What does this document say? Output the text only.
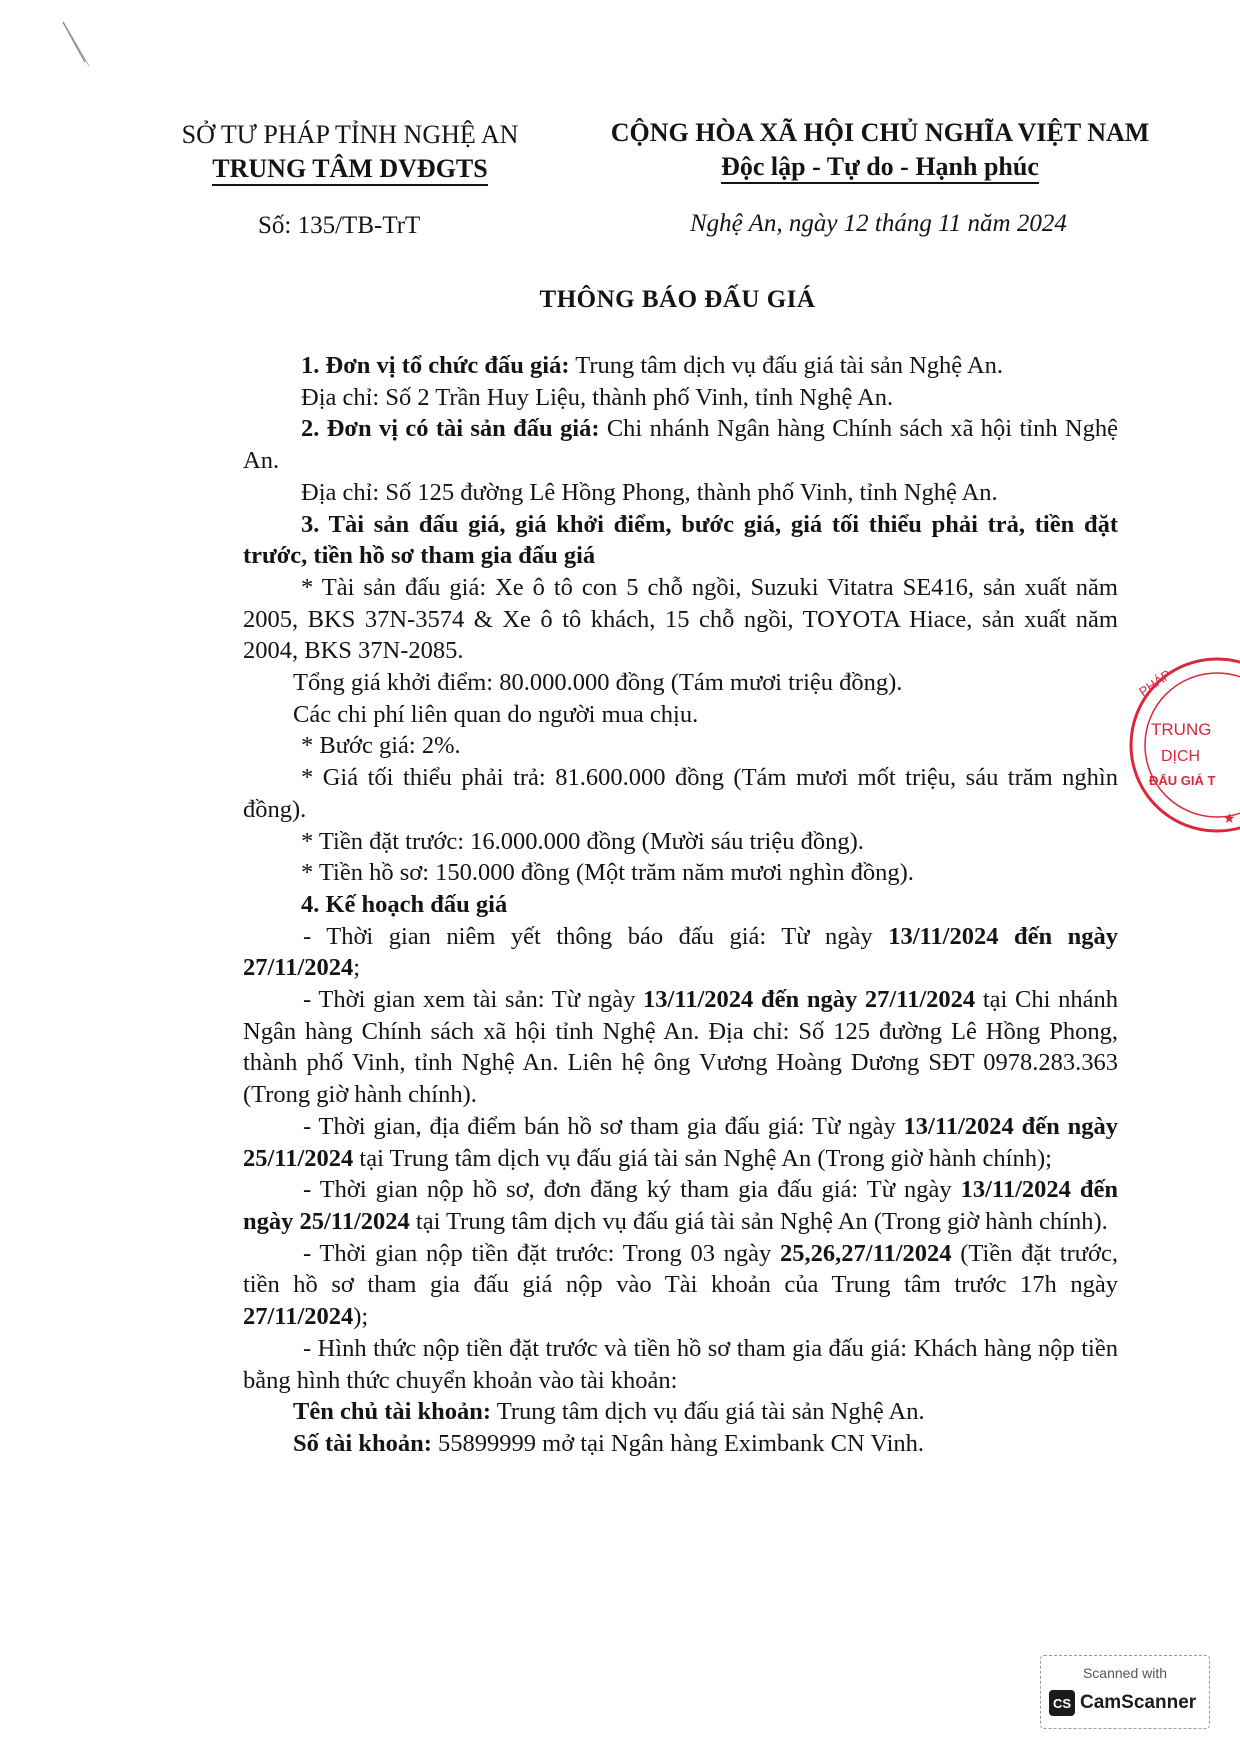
SỞ TƯ PHÁP TỈNH NGHỆ AN
TRUNG TÂM DVĐGTS
CỘNG HÒA XÃ HỘI CHỦ NGHĨA VIỆT NAM
Độc lập - Tự do - Hạnh phúc
Số: 135/TB-TrT	Nghệ An, ngày 12 tháng 11 năm 2024
THÔNG BÁO ĐẤU GIÁ

1. Đơn vị tổ chức đấu giá: Trung tâm dịch vụ đấu giá tài sản Nghệ An.

Địa chỉ: Số 2 Trần Huy Liệu, thành phố Vinh, tỉnh Nghệ An.

2. Đơn vị có tài sản đấu giá: Chi nhánh Ngân hàng Chính sách xã hội tỉnh Nghệ An.

Địa chỉ: Số 125 đường Lê Hồng Phong, thành phố Vinh, tỉnh Nghệ An.

3. Tài sản đấu giá, giá khởi điểm, bước giá, giá tối thiểu phải trả, tiền đặt trước, tiền hồ sơ tham gia đấu giá

* Tài sản đấu giá: Xe ô tô con 5 chỗ ngồi, Suzuki Vitatra SE416, sản xuất năm 2005, BKS 37N-3574 & Xe ô tô khách, 15 chỗ ngồi, TOYOTA Hiace, sản xuất năm 2004, BKS 37N-2085.

Tổng giá khởi điểm: 80.000.000 đồng (Tám mươi triệu đồng).

Các chi phí liên quan do người mua chịu.

* Bước giá: 2%.

* Giá tối thiểu phải trả: 81.600.000 đồng (Tám mươi mốt triệu, sáu trăm nghìn đồng).

* Tiền đặt trước: 16.000.000 đồng (Mười sáu triệu đồng).

* Tiền hồ sơ: 150.000 đồng (Một trăm năm mươi nghìn đồng).

4. Kế hoạch đấu giá

- Thời gian niêm yết thông báo đấu giá: Từ ngày 13/11/2024 đến ngày 27/11/2024;

- Thời gian xem tài sản: Từ ngày 13/11/2024 đến ngày 27/11/2024 tại Chi nhánh Ngân hàng Chính sách xã hội tỉnh Nghệ An. Địa chỉ: Số 125 đường Lê Hồng Phong, thành phố Vinh, tỉnh Nghệ An. Liên hệ ông Vương Hoàng Dương SĐT 0978.283.363 (Trong giờ hành chính).

- Thời gian, địa điểm bán hồ sơ tham gia đấu giá: Từ ngày 13/11/2024 đến ngày 25/11/2024 tại Trung tâm dịch vụ đấu giá tài sản Nghệ An (Trong giờ hành chính);

- Thời gian nộp hồ sơ, đơn đăng ký tham gia đấu giá: Từ ngày 13/11/2024 đến ngày 25/11/2024 tại Trung tâm dịch vụ đấu giá tài sản Nghệ An (Trong giờ hành chính).

- Thời gian nộp tiền đặt trước: Trong 03 ngày 25,26,27/11/2024 (Tiền đặt trước, tiền hồ sơ tham gia đấu giá nộp vào Tài khoản của Trung tâm trước 17h ngày 27/11/2024);

- Hình thức nộp tiền đặt trước và tiền hồ sơ tham gia đấu giá: Khách hàng nộp tiền bằng hình thức chuyển khoản vào tài khoản:

Tên chủ tài khoản: Trung tâm dịch vụ đấu giá tài sản Nghệ An.

Số tài khoản: 55899999 mở tại Ngân hàng Eximbank CN Vinh.

PHÁP
TRUNG
DỊCH
ĐẤU GIÁ T
★
Scanned with
CS CamScanner
